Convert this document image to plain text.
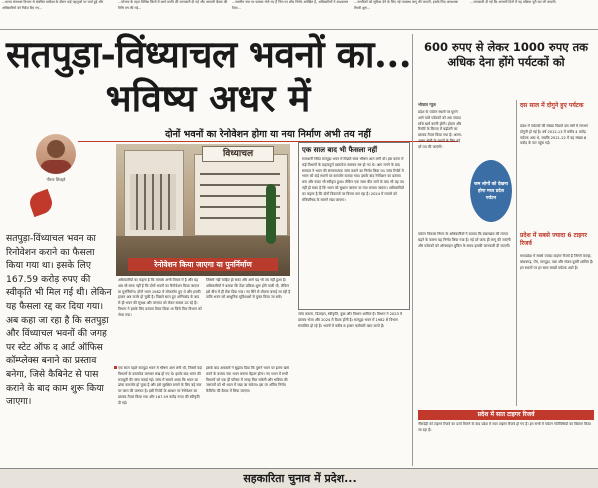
...मानव संसाधन विभाग से संबंधित समीक्षा के दौरान कई पहलुओं पर चर्चा हुई और अधिकारियों को निर्देश दिए गए...
...योजना के तहत विभिन्न जिलों में कार्य प्रगति की जानकारी दी गई और आगामी बैठक की तिथि तय की गई...
...स्थानीय स्तर पर प्रस्ताव भेजे गए हैं जिन पर शीघ्र निर्णय अपेक्षित है, अधिकारियों ने आश्वासन दिया...
...नागरिकों को सुविधा देने के लिए नई व्यवस्था लागू की जाएगी, इसके लिए आवश्यक तैयारी शुरू...
...जानकारी दी गई कि आगामी दिनों में यह प्रक्रिया पूरी कर ली जाएगी।
सतपुड़ा-विंध्याचल भवनों का...
भविष्य अधर में
दोनों भवनों का रेनोवेशन होगा या नया निर्माण अभी तय नहीं
नीरज शिवहरे
सतपुड़ा-विंध्याचल भवन का रिनोवेशन कराने का फैसला किया गया था। इसके लिए 167.59 करोड़ रुपए की स्वीकृति भी मिल गई थी। लेकिन यह फैसला रद्द कर दिया गया। अब कहा जा रहा है कि सतपुड़ा और विंध्याचल भवनों की जगह पर स्टेट ऑफ द आर्ट ऑफिस कॉम्प्लेक्स बनाने का प्रस्ताव बनेगा, जिसे कैबिनेट से पास कराने के बाद काम शुरू किया जाएगा।
विध्याचल
रेनोवेशन किया जाएगा या पुनर्निर्माण
अधिकारियों का कहना है कि मामला अभी विचार में है और यह अब भी साफ नहीं है कि दोनों भवनों का रिनोवेशन किया जाएगा या पुनर्निर्माण। दोनों भवन 1982 में लोकार्पण हुए थे और इनकी हालत अब जर्जर हो चुकी है। पिछले साल हुए अग्निकांड के बाद से ही भवन की सुरक्षा और मरम्मत को लेकर सवाल उठ रहे हैं। विभाग ने इसके लिए प्रस्ताव तैयार किया था जिसे वित्त विभाग को भेजा गया।
जिससे नहीं चाहिए हो सका और आगे यह भी तय नहीं हुआ है। अधिकारियों ने बताया कि टेंडर प्रक्रिया शुरू होने वाली थी, लेकिन इसे बीच में ही रोक दिया गया। नए सिरे से योजना बनाई जा रही है ताकि भवन को आधुनिक सुविधाओं से युक्त किया जा सके।
एक साल पहले सतपुड़ा भवन में भीषण आग लगी थी, जिसमें कई विभागों के दस्तावेज जलकर राख हो गए थे। इसके बाद भवन की मजबूती की जांच कराई गई। जांच में सामने आया कि भवन का ढांचा कमजोर हो चुका है और इसे सुरक्षित बनाने के लिए बड़े स्तर पर काम की जरूरत है। इसी रिपोर्ट के आधार पर रेनोवेशन का प्रस्ताव तैयार किया गया और 167.59 करोड़ रुपए की स्वीकृति दी गई।
इसके बाद अफसरों ने सुझाव दिया कि पुराने भवन पर इतना खर्च करने के बजाय नया भवन बनाना बेहतर होगा। नए भवन में सभी विभागों को एक ही परिसर में जगह मिल सकेगी और भविष्य की जरूरतों को भी ध्यान में रखा जा सकेगा। इस पर अंतिम निर्णय कैबिनेट की बैठक में लिया जाएगा।
एक साल बाद भी फैसला नहीं
राजधानी स्थित सतपुड़ा भवन में पिछले साल भीषण आग लगी थी। इस घटना में कई विभागों के महत्वपूर्ण दस्तावेज जलकर नष्ट हो गए थे। आग लगने के बाद सरकार ने भवन की संरचनात्मक जांच कराने का निर्णय लिया था। जांच रिपोर्ट में भवन को कई स्थानों पर कमजोर बताया गया। इसके बाद रेनोवेशन का प्रस्ताव बना और बजट भी स्वीकृत हुआ। लेकिन एक साल बीत जाने के बाद भी यह तय नहीं हो सका है कि भवन को सुधारा जाएगा या नया बनाया जाएगा। अधिकारियों का कहना है कि दोनों विकल्पों पर विचार चल रहा है। 2024 में मामले को मंत्रिपरिषद के सामने रखा जाएगा।
जांच कराना, डिजाइन, स्वीकृति, कुछ और विभाग शामिल हैं। विभाग ने 2023 में प्रस्ताव भेजा और 2024 में बैठक होनी है। सतपुड़ा भवन में 1982 से विभाग संचालित हो रहे हैं। भवनों में करीब 8 हजार कर्मचारी काम करते हैं।
600 रुपए से लेकर 1000 रुपए तक अधिक देना होंगे पर्यटकों को
भोपाल न्यूज
प्रदेश के पर्यटन स्थलों पर घूमने आने वाले पर्यटकों को अब ज्यादा राशि खर्च करनी होगी। होटल और रिसॉर्ट के किराए में बढ़ोतरी का प्रस्ताव तैयार किया गया है। अलग-अलग श्रेणी के कमरों के लिए नई दरें तय की जाएंगी।
कम लोगों को देखना होगा मध्य प्रदेश पर्यटन
पर्यटन विकास निगम के अधिकारियों ने बताया कि रखरखाव की लागत बढ़ने के कारण यह निर्णय लिया गया है। नई दरें जल्द ही लागू की जाएंगी और पर्यटकों को ऑनलाइन बुकिंग के समय इसकी जानकारी दी जाएगी।
दस साल में दोगुने हुए पर्यटक
प्रदेश में पर्यटकों की संख्या पिछले दस वर्षों में लगभग दोगुनी हो गई है। वर्ष 2012-13 में करीब 4 करोड़ पर्यटक आए थे, जबकि 2021-22 में यह संख्या 8 करोड़ के पार पहुंच गई।
प्रदेश में सबसे ज्यादा 6 टाइगर रिजर्व
मध्यप्रदेश में सबसे ज्यादा टाइगर रिजर्व हैं जिनमें कान्हा, बांधवगढ़, पेंच, सतपुड़ा, पन्ना और संजय दुबरी शामिल हैं। इन स्थानों पर हर साल लाखों पर्यटक आते हैं।
प्रदेश में सात टाइगर रिजर्व
नौरादेही को टाइगर रिजर्व का दर्जा मिलने के बाद प्रदेश में सात टाइगर रिजर्व हो गए हैं। इन सभी में पर्यटन गतिविधियों का विस्तार किया जा रहा है।
सहकारिता चुनाव में प्रदेश...
